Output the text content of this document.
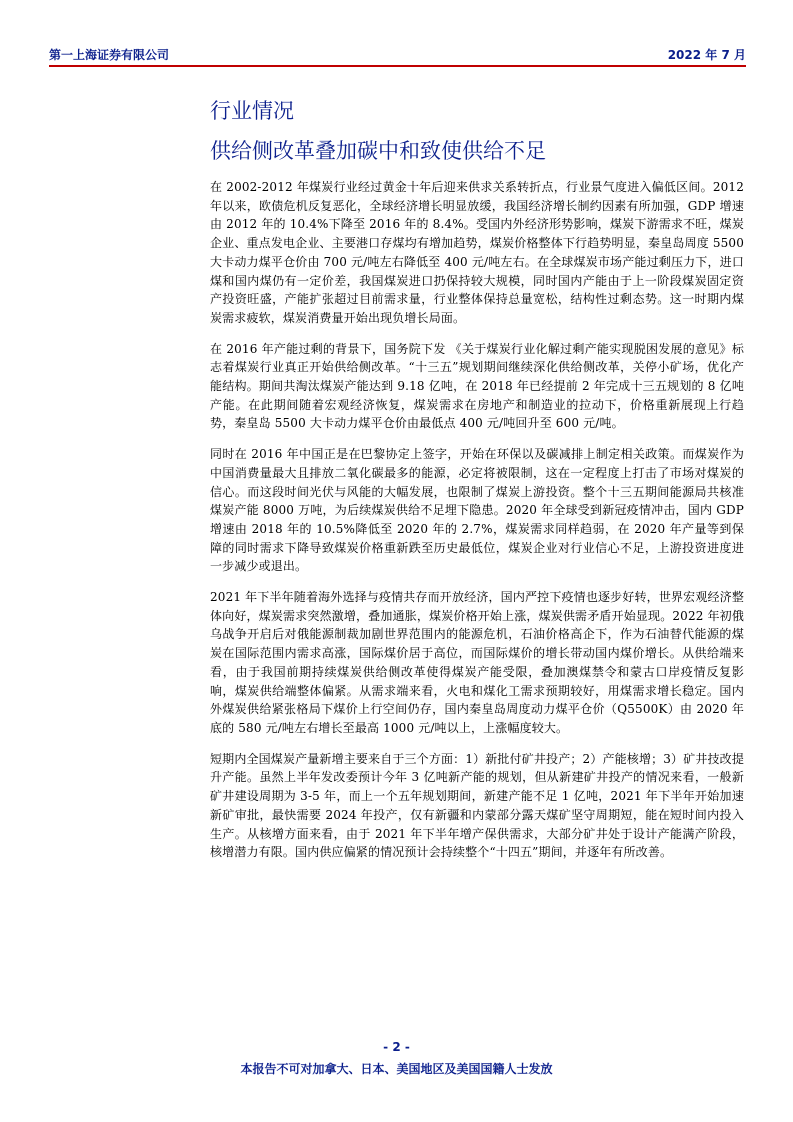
第一上海证券有限公司	2022 年 7 月
行业情况
供给侧改革叠加碳中和致使供给不足

在 2002-2012 年煤炭行业经过黄金十年后迎来供求关系转折点，行业景气度进入偏低区间。2012 年以来，欧债危机反复恶化，全球经济增长明显放缓，我国经济增长制约因素有所加强，GDP 增速由 2012 年的 10.4%下降至 2016 年的 8.4%。受国内外经济形势影响，煤炭下游需求不旺，煤炭企业、重点发电企业、主要港口存煤均有增加趋势，煤炭价格整体下行趋势明显，秦皇岛周度 5500 大卡动力煤平仓价由 700 元/吨左右降低至 400 元/吨左右。在全球煤炭市场产能过剩压力下，进口煤和国内煤仍有一定价差，我国煤炭进口扔保持较大规模，同时国内产能由于上一阶段煤炭固定资产投资旺盛，产能扩张超过目前需求量，行业整体保持总量宽松，结构性过剩态势。这一时期内煤炭需求疲软，煤炭消费量开始出现负增长局面。

在 2016 年产能过剩的背景下，国务院下发 《关于煤炭行业化解过剩产能实现脱困发展的意见》标志着煤炭行业真正开始供给侧改革。“十三五”规划期间继续深化供给侧改革，关停小矿场，优化产能结构。期间共淘汰煤炭产能达到 9.18 亿吨，在 2018 年已经提前 2 年完成十三五规划的 8 亿吨产能。在此期间随着宏观经济恢复，煤炭需求在房地产和制造业的拉动下，价格重新展现上行趋势，秦皇岛 5500 大卡动力煤平仓价由最低点 400 元/吨回升至 600 元/吨。

同时在 2016 年中国正是在巴黎协定上签字，开始在环保以及碳减排上制定相关政策。而煤炭作为中国消费量最大且排放二氧化碳最多的能源，必定将被限制，这在一定程度上打击了市场对煤炭的信心。而这段时间光伏与风能的大幅发展，也限制了煤炭上游投资。整个十三五期间能源局共核准煤炭产能 8000 万吨，为后续煤炭供给不足埋下隐患。2020 年全球受到新冠疫情冲击，国内 GDP 增速由 2018 年的 10.5%降低至 2020 年的 2.7%，煤炭需求同样趋弱，在 2020 年产量等到保障的同时需求下降导致煤炭价格重新跌至历史最低位，煤炭企业对行业信心不足，上游投资进度进一步减少或退出。

2021 年下半年随着海外选择与疫情共存而开放经济，国内严控下疫情也逐步好转，世界宏观经济整体向好，煤炭需求突然激增，叠加通胀，煤炭价格开始上涨，煤炭供需矛盾开始显现。2022 年初俄乌战争开启后对俄能源制裁加剧世界范围内的能源危机，石油价格高企下，作为石油替代能源的煤炭在国际范围内需求高涨，国际煤价居于高位，而国际煤价的增长带动国内煤价增长。从供给端来看，由于我国前期持续煤炭供给侧改革使得煤炭产能受限，叠加澳煤禁令和蒙古口岸疫情反复影响，煤炭供给端整体偏紧。从需求端来看，火电和煤化工需求预期较好，用煤需求增长稳定。国内外煤炭供给紧张格局下煤价上行空间仍存，国内秦皇岛周度动力煤平仓价（Q5500K）由 2020 年底的 580 元/吨左右增长至最高 1000 元/吨以上，上涨幅度较大。

短期内全国煤炭产量新增主要来自于三个方面：1）新批付矿井投产；2）产能核增；3）矿井技改提升产能。虽然上半年发改委预计今年 3 亿吨新产能的规划，但从新建矿井投产的情况来看，一般新矿井建设周期为 3-5 年，而上一个五年规划期间，新建产能不足 1 亿吨，2021 年下半年开始加速新矿审批，最快需要 2024 年投产，仅有新疆和内蒙部分露天煤矿坚守周期短，能在短时间内投入生产。从核增方面来看，由于 2021 年下半年增产保供需求，大部分矿井处于设计产能满产阶段，核增潜力有限。国内供应偏紧的情况预计会持续整个“十四五”期间，并逐年有所改善。

- 2 -
本报告不可对加拿大、日本、美国地区及美国国籍人士发放
